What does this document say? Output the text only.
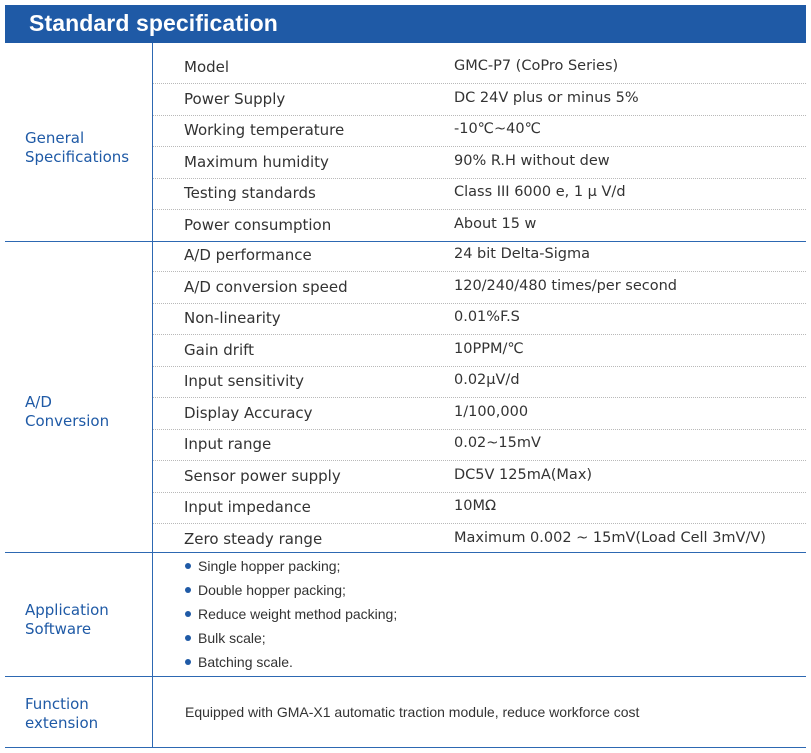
Standard specification
General
Specifications
Model	GMC-P7 (CoPro Series)
Power Supply	DC 24V plus or minus 5%
Working temperature	-10℃~40℃
Maximum humidity	90% R.H without dew
Testing standards	Class III 6000 e, 1 μ V/d
Power consumption	About 15 w
A/D
Conversion
A/D performance	24 bit Delta-Sigma
A/D conversion speed	120/240/480 times/per second
Non-linearity	0.01%F.S
Gain drift	10PPM/℃
Input sensitivity	0.02μV/d
Display Accuracy	1/100,000
Input range	0.02~15mV
Sensor power supply	DC5V 125mA(Max)
Input impedance	10MΩ
Zero steady range	Maximum 0.002 ~ 15mV(Load Cell 3mV/V)
Application
Software
Single hopper packing;
Double hopper packing;
Reduce weight method packing;
Bulk scale;
Batching scale.
Function
extension
Equipped with GMA-X1 automatic traction module, reduce workforce cost
